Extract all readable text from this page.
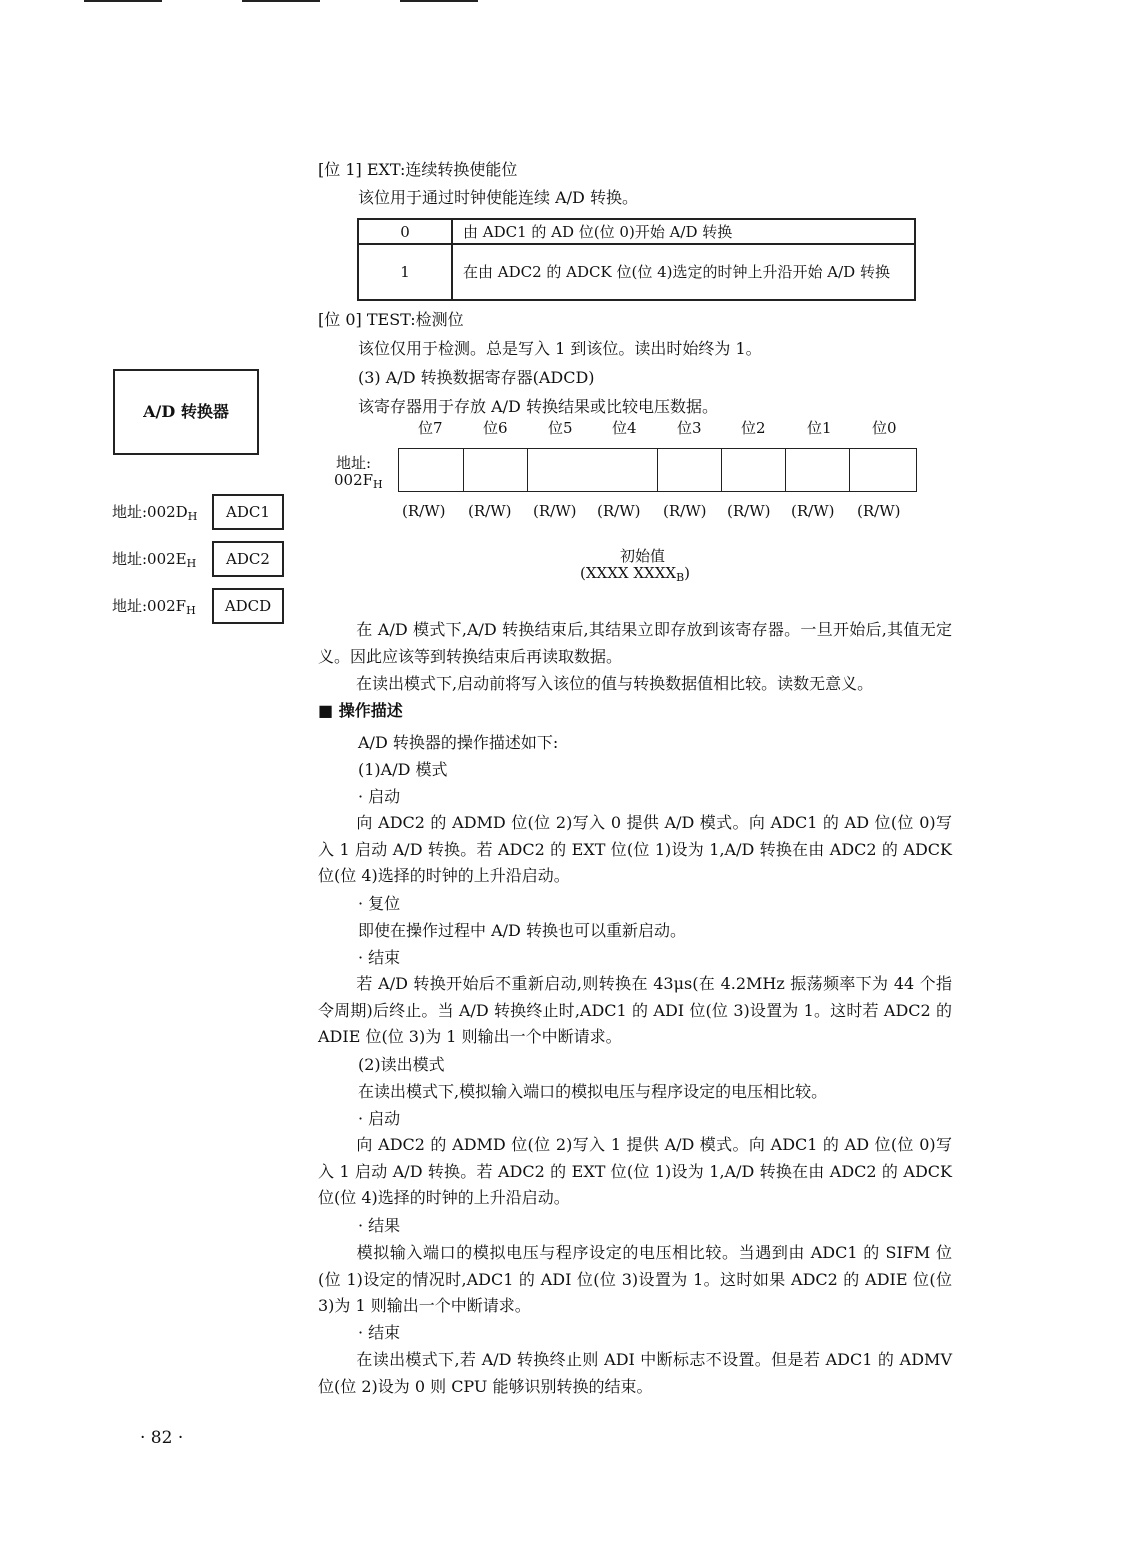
[位 1] EXT:连续转换使能位
该位用于通过时钟使能连续 A/D 转换。
0	由 ADC1 的 AD 位(位 0)开始 A/D 转换
1	在由 ADC2 的 ADCK 位(位 4)选定的时钟上升沿开始 A/D 转换
[位 0] TEST:检测位
该位仅用于检测。总是写入 1 到该位。读出时始终为 1。
(3) A/D 转换数据寄存器(ADCD)
该寄存器用于存放 A/D 转换结果或比较电压数据。
位7	位6	位5	位4	位3	位2	位1	位0
地址:
$002F_H$
(R/W) (R/W) (R/W) (R/W) (R/W) (R/W) (R/W) (R/W)
初始值
(XXXX $XXXX_B$)
A/D 转换器
地址$:002D_H$	ADC1
地址$:002E_H$	ADC2
地址$:002F_H$	ADCD
在 A/D 模式下,A/D 转换结束后,其结果立即存放到该寄存器。一旦开始后,其值无定义。因此应该等到转换结束后再读取数据。
在读出模式下,启动前将写入该位的值与转换数据值相比较。读数无意义。
■ 操作描述
A/D 转换器的操作描述如下:
(1)A/D 模式
· 启动
向 ADC2 的 ADMD 位(位 2)写入 0 提供 A/D 模式。向 ADC1 的 AD 位(位 0)写入 1 启动 A/D 转换。若 ADC2 的 EXT 位(位 1)设为 1,A/D 转换在由 ADC2 的 ADCK 位(位 4)选择的时钟的上升沿启动。
· 复位
即使在操作过程中 A/D 转换也可以重新启动。
· 结束
若 A/D 转换开始后不重新启动,则转换在 43μs(在 4.2MHz 振荡频率下为 44 个指令周期)后终止。当 A/D 转换终止时,ADC1 的 ADI 位(位 3)设置为 1。这时若 ADC2 的 ADIE 位(位 3)为 1 则输出一个中断请求。
(2)读出模式
在读出模式下,模拟输入端口的模拟电压与程序设定的电压相比较。
· 启动
向 ADC2 的 ADMD 位(位 2)写入 1 提供 A/D 模式。向 ADC1 的 AD 位(位 0)写入 1 启动 A/D 转换。若 ADC2 的 EXT 位(位 1)设为 1,A/D 转换在由 ADC2 的 ADCK 位(位 4)选择的时钟的上升沿启动。
· 结果
模拟输入端口的模拟电压与程序设定的电压相比较。当遇到由 ADC1 的 SIFM 位(位 1)设定的情况时,ADC1 的 ADI 位(位 3)设置为 1。这时如果 ADC2 的 ADIE 位(位 3)为 1 则输出一个中断请求。
· 结束
在读出模式下,若 A/D 转换终止则 ADI 中断标志不设置。但是若 ADC1 的 ADMV 位(位 2)设为 0 则 CPU 能够识别转换的结束。
· 82 ·
